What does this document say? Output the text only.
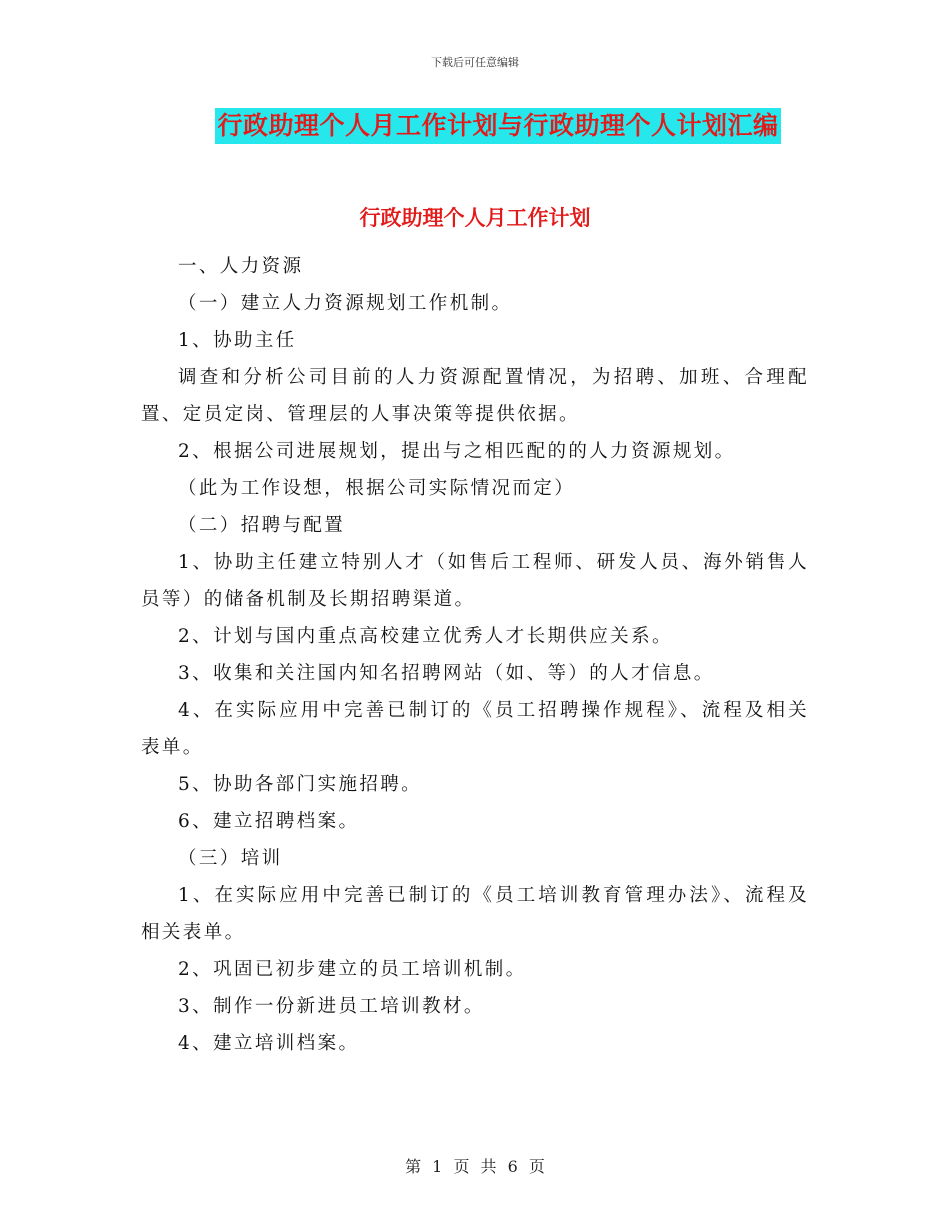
下载后可任意编辑
行政助理个人月工作计划与行政助理个人计划汇编
行政助理个人月工作计划

一、人力资源

（一）建立人力资源规划工作机制。

1、协助主任

调查和分析公司目前的人力资源配置情况，为招聘、加班、合理配置、定员定岗、管理层的人事决策等提供依据。

2、根据公司进展规划，提出与之相匹配的的人力资源规划。

（此为工作设想，根据公司实际情况而定）

（二）招聘与配置

1、协助主任建立特别人才（如售后工程师、研发人员、海外销售人员等）的储备机制及长期招聘渠道。

2、计划与国内重点高校建立优秀人才长期供应关系。

3、收集和关注国内知名招聘网站（如、等）的人才信息。

4、在实际应用中完善已制订的《员工招聘操作规程》、流程及相关表单。

5、协助各部门实施招聘。

6、建立招聘档案。

（三）培训

1、在实际应用中完善已制订的《员工培训教育管理办法》、流程及相关表单。

2、巩固已初步建立的员工培训机制。

3、制作一份新进员工培训教材。

4、建立培训档案。

第 1 页 共 6 页
